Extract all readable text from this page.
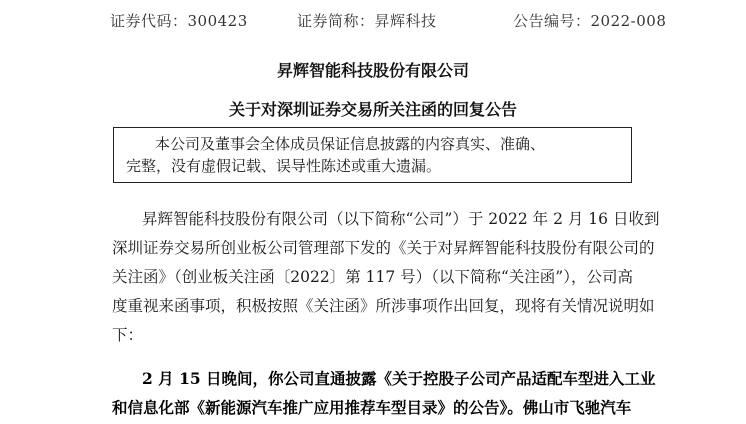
证券代码：300423	证券简称：昇辉科技	公告编号：2022-008
昇辉智能科技股份有限公司
关于对深圳证券交易所关注函的回复公告
本公司及董事会全体成员保证信息披露的内容真实、准确、
完整，没有虚假记载、误导性陈述或重大遗漏。
昇辉智能科技股份有限公司（以下简称“公司”）于 2022 年 2 月 16 日收到
深圳证券交易所创业板公司管理部下发的《关于对昇辉智能科技股份有限公司的
关注函》（创业板关注函〔2022〕第 117 号）（以下简称“关注函”），公司高
度重视来函事项，积极按照《关注函》所涉事项作出回复，现将有关情况说明如
下：
2 月 15 日晚间，你公司直通披露《关于控股子公司产品适配车型进入工业
和信息化部《新能源汽车推广应用推荐车型目录》的公告》。佛山市飞驰汽车
